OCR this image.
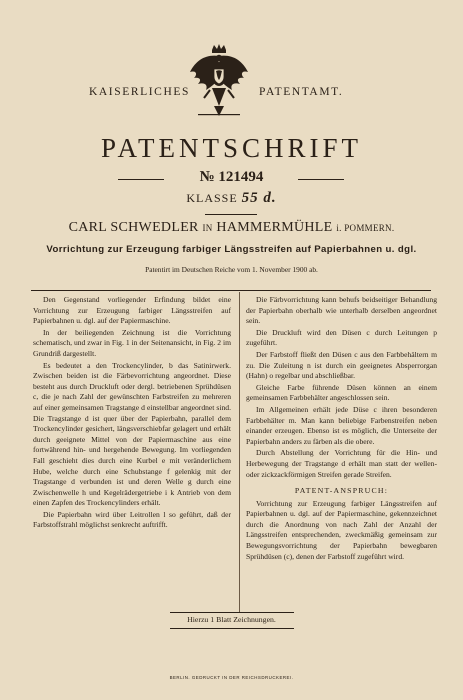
KAISERLICHES	PATENTAMT.
PATENTSCHRIFT
№ 121494
KLASSE 55 d.
CARL SCHWEDLER IN HAMMERMÜHLE i. POMMERN.
Vorrichtung zur Erzeugung farbiger Längsstreifen auf Papierbahnen u. dgl.
Patentirt im Deutschen Reiche vom 1. November 1900 ab.

Den Gegenstand vorliegender Erfindung bildet eine Vorrichtung zur Erzeugung farbiger Längsstreifen auf Papierbahnen u. dgl. auf der Papiermaschine.

In der beiliegenden Zeichnung ist die Vorrichtung schematisch, und zwar in Fig. 1 in der Seitenansicht, in Fig. 2 im Grundriß dargestellt.

Es bedeutet a den Trockencylinder, b das Satinirwerk. Zwischen beiden ist die Färbevorrichtung angeordnet. Diese besteht aus durch Druckluft oder dergl. betriebenen Sprühdüsen c, die je nach Zahl der gewünschten Farbstreifen zu mehreren auf einer gemeinsamen Tragstange d einstellbar angeordnet sind. Die Tragstange d ist quer über der Papierbahn, parallel dem Trockencylinder gesichert, längsverschiebfar gelagert und erhält durch geeignete Mittel von der Papiermaschine aus eine fortwährend hin- und hergehende Bewegung. Im vorliegenden Fall geschieht dies durch eine Kurbel e mit veränderlichem Hube, welche durch eine Schubstange f gelenkig mit der Tragstange d verbunden ist und deren Welle g durch eine Zwischenwelle h und Kegelrädergetriebe i k Antrieb von dem einen Zapfen des Trockencylinders erhält.

Die Papierbahn wird über Leitrollen l so geführt, daß der Farbstoffstrahl möglichst senkrecht auftrifft.

Die Färbvorrichtung kann behufs beidseitiger Behandlung der Papierbahn oberhalb wie unterhalb derselben angeordnet sein.

Die Druckluft wird den Düsen c durch Leitungen p zugeführt.

Der Farbstoff fließt den Düsen c aus den Farbbehältern m zu. Die Zuleitung n ist durch ein geeignetes Absperrorgan (Hahn) o regelbar und abschließbar.

Gleiche Farbe führende Düsen können an einem gemeinsamen Farbbehälter angeschlossen sein.

Im Allgemeinen erhält jede Düse c ihren besonderen Farbbehälter m. Man kann beliebige Farbenstreifen neben einander erzeugen. Ebenso ist es möglich, die Unterseite der Papierbahn anders zu färben als die obere.

Durch Abstellung der Vorrichtung für die Hin- und Herbewegung der Tragstange d erhält man statt der wellen- oder zickzackförmigen Streifen gerade Streifen.

PATENT-ANSPRUCH:

Vorrichtung zur Erzeugung farbiger Längsstreifen auf Papierbahnen u. dgl. auf der Papiermaschine, gekennzeichnet durch die Anordnung von nach Zahl der Anzahl der Längsstreifen entsprechenden, zweckmäßig gemeinsam zur Bewegungsvorrichtung der Papierbahn bewegbaren Sprühdüsen (c), denen der Farbstoff zugeführt wird.

Hierzu 1 Blatt Zeichnungen.
BERLIN. GEDRUCKT IN DER REICHSDRUCKEREI.
